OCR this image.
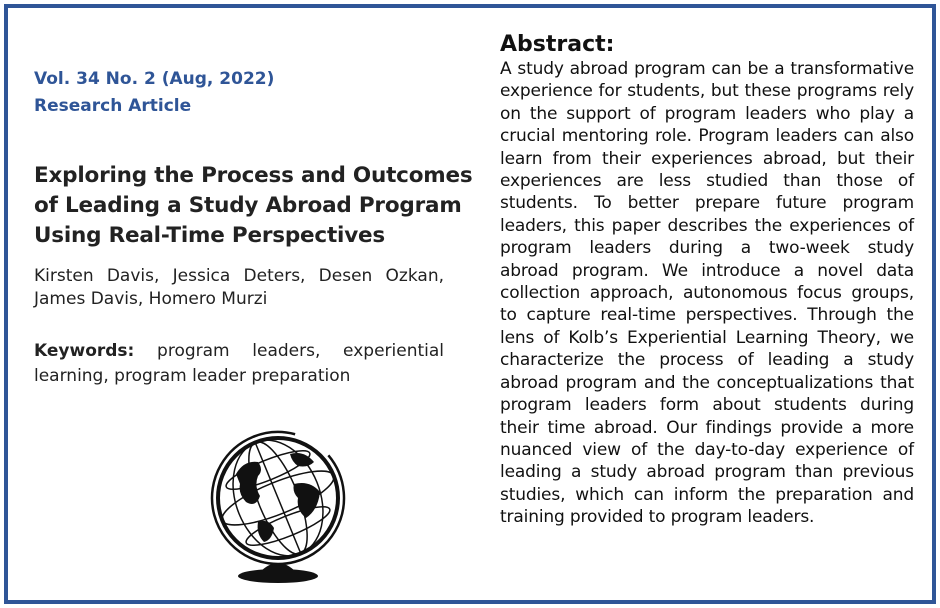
Vol. 34 No. 2 (Aug, 2022)

Research Article

Exploring the Process and Outcomes of Leading a Study Abroad Program Using Real-Time Perspectives

Kirsten Davis, Jessica Deters, Desen Ozkan, James Davis, Homero Murzi

Keywords: program leaders, experiential learning, program leader preparation

Abstract:

A study abroad program can be a transformative experience for students, but these programs rely on the support of program leaders who play a crucial mentoring role. Program leaders can also learn from their experiences abroad, but their experiences are less studied than those of students. To better prepare future program leaders, this paper describes the experiences of program leaders during a two-week study abroad program. We introduce a novel data collection approach, autonomous focus groups, to capture real-time perspectives. Through the lens of Kolb’s Experiential Learning Theory, we characterize the process of leading a study abroad program and the conceptualizations that program leaders form about students during their time abroad. Our findings provide a more nuanced view of the day-to-day experience of leading a study abroad program than previous studies, which can inform the preparation and training provided to program leaders.
